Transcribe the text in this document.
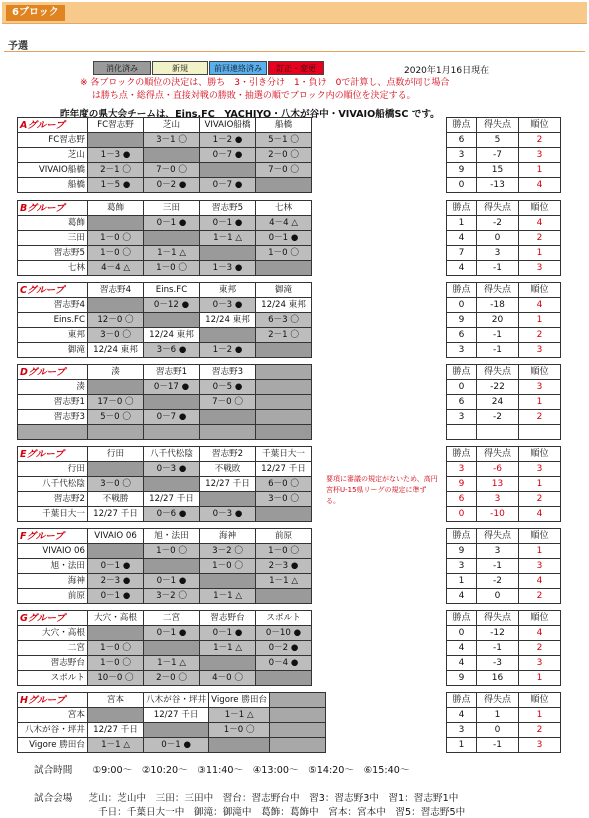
6ブロック
予選
消化済み	新規	前回連絡済み	訂正・変更	2020年1月16日現在
※ 各ブロックの順位の決定は、勝ち　3・引き分け　1・負け　0で計算し、点数が同じ場合
　 は勝ち点・総得点・直接対戦の勝敗・抽選の順でブロック内の順位を決定する。
昨年度の県大会チームは、Eins.FC　YACHIYO・八木が谷中・VIVAIO船橋SC です。
Aグループ	FC習志野	芝山	VIVAIO船橋	船橋
FC習志野		3－1 〇	1－2 ●	5－1 〇
芝山	1－3 ●		0－7 ●	2－0 〇
VIVAIO船橋	2－1 〇	7－0 〇		7－0 〇
船橋	1－5 ●	0－2 ●	0－7 ●	
勝点	得失点	順位
6	5	2
3	-7	3
9	15	1
0	-13	4
Bグループ	葛飾	三田	習志野5	七林
葛飾		0－1 ●	0－1 ●	4－4 △
三田	1－0 〇		1－1 △	0－1 ●
習志野5	1－0 〇	1－1 △		1－0 〇
七林	4－4 △	1－0 〇	1－3 ●	
勝点	得失点	順位
1	-2	4
4	0	2
7	3	1
4	-1	3
Cグループ	習志野4	Eins.FC	東邦	御滝
習志野4		0－12 ●	0－3 ●	12/24 東邦
Eins.FC	12－0 〇		12/24 東邦	6－3 〇
東邦	3－0 〇	12/24 東邦		2－1 〇
御滝	12/24 東邦	3－6 ●	1－2 ●	
勝点	得失点	順位
0	-18	4
9	20	1
6	-1	2
3	-1	3
Dグループ	湊	習志野1	習志野3	
湊		0－17 ●	0－5 ●	
習志野1	17－0 〇		7－0 〇	
習志野3	5－0 〇	0－7 ●		

勝点	得失点	順位
0	-22	3
6	24	1
3	-2	2

Eグループ	行田	八千代松陰	習志野2	千葉日大一
行田		0－3 ●	不戦敗	12/27 千日
八千代松陰	3－0 〇		12/27 千日	6－0 〇
習志野2	不戦勝	12/27 千日		3－0 〇
千葉日大一	12/27 千日	0－6 ●	0－3 ●	
勝点	得失点	順位
3	-6	3
9	13	1
6	3	2
0	-10	4
Fグループ	VIVAIO 06	旭・法田	海神	前原
VIVAIO 06		1－0 〇	3－2 〇	1－0 〇
旭・法田	0－1 ●		1－0 〇	2－3 ●
海神	2－3 ●	0－1 ●		1－1 △
前原	0－1 ●	3－2 〇	1－1 △	
勝点	得失点	順位
9	3	1
3	-1	3
1	-2	4
4	0	2
Gグループ	大穴・高根	二宮	習志野台	スポルト
大穴・高根		0－1 ●	0－1 ●	0－10 ●
二宮	1－0 〇		1－1 △	0－2 ●
習志野台	1－0 〇	1－1 △		0－4 ●
スポルト	10－0 〇	2－0 〇	4－0 〇	
勝点	得失点	順位
0	-12	4
4	-1	2
4	-3	3
9	16	1
Hグループ	宮本	八木が谷・坪井	Vigore 勝田台	
宮本		12/27 千日	1－1 △	
八木が谷・坪井	12/27 千日		1－0 〇	
Vigore 勝田台	1－1 △	0－1 ●		
勝点	得失点	順位
4	1	1
3	0	2
1	-1	3
要項に審議の規定がないため、高円宮杯U-15県リーグの規定に準ずる。
試合時間 ①9:00～　②10:20～　③11:40～　④13:00～　⑤14:20～　⑥15:40～
試合会場 芝山：芝山中　三田：三田中　習台：習志野台中　習3：習志野3中　習1：習志野1中
千日：千葉日大一中　御滝：御滝中　葛飾：葛飾中　宮本：宮本中　習5：習志野5中
